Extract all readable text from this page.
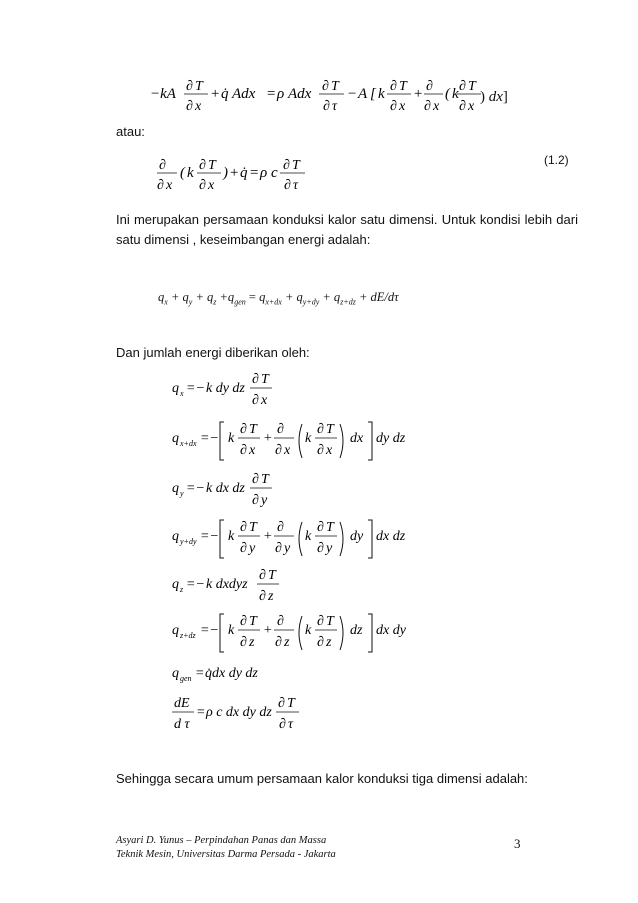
−kA ∂ T
∂ x
+ q̇ Adx = ρ Adx ∂ T
∂ τ
− A [ k ∂ T
∂ x
+ ∂
∂ x
( k ∂ T
∂ x
) dx]
atau:
∂
∂ x
( k ∂ T
∂ x
) + q̇ = ρ c ∂ T
∂ τ
(1.2)
Ini merupakan persamaan konduksi kalor satu dimensi. Untuk kondisi lebih dari
satu dimensi , keseimbangan energi adalah:
$q_x + q_y + q_z +q_{gen} = q_{x+dx} + q_{y+dy} + q_{z+dz} + dE/d\tau$
Dan jumlah energi diberikan oleh:
q x =− k dy dz
∂ T
∂ x
q x+dx =− k
∂ T
∂ x
+
∂
∂ x
k
∂ T
∂ x
dx dy dz
q y =− k dx dz
∂ T
∂ y
q y+dy =− k
∂ T
∂ y
+
∂
∂ y
k
∂ T
∂ y
dy dx dz
q z =− k dxdyz
∂ T
∂ z
q z+dz =− k
∂ T
∂ z
+
∂
∂ z
k
∂ T
∂ z
dz dx dy
q gen = q̇dx dy dz
dE
d τ
= ρ c dx dy dz
∂ T
∂ τ
Sehingga secara umum persamaan kalor konduksi tiga dimensi adalah:
Asyari D. Yunus – Perpindahan Panas dan Massa
Teknik Mesin, Universitas Darma Persada - Jakarta
3
